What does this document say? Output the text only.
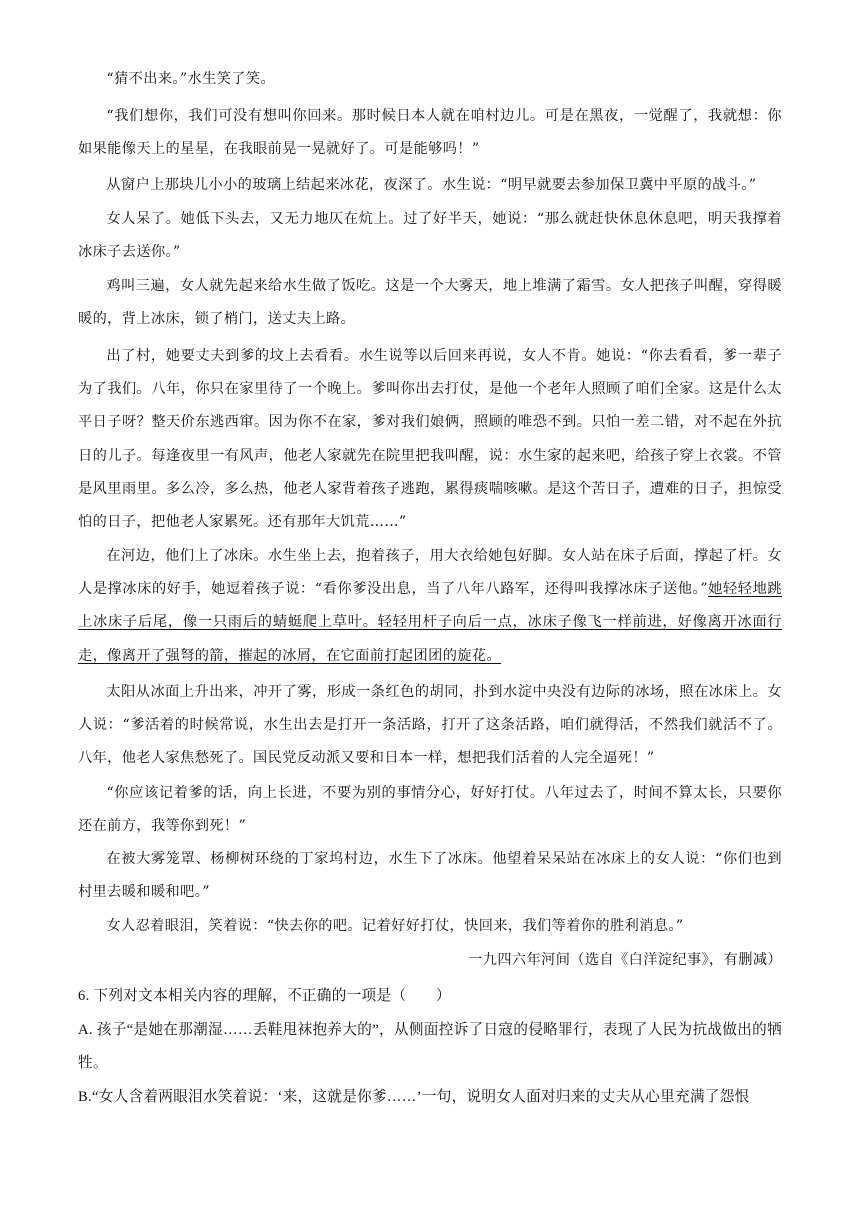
“猜不出来。”水生笑了笑。

“我们想你，我们可没有想叫你回来。那时候日本人就在咱村边儿。可是在黑夜，一觉醒了，我就想：你如果能像天上的星星，在我眼前晃一晃就好了。可是能够吗！”

从窗户上那块儿小小的玻璃上结起来冰花，夜深了。水生说：“明早就要去参加保卫冀中平原的战斗。”

女人呆了。她低下头去，又无力地仄在炕上。过了好半天，她说：“那么就赶快休息休息吧，明天我撑着冰床子去送你。”

鸡叫三遍，女人就先起来给水生做了饭吃。这是一个大雾天，地上堆满了霜雪。女人把孩子叫醒，穿得暖暖的，背上冰床，锁了梢门，送丈夫上路。

出了村，她要丈夫到爹的坟上去看看。水生说等以后回来再说，女人不肯。她说：“你去看看，爹一辈子为了我们。八年，你只在家里待了一个晚上。爹叫你出去打仗，是他一个老年人照顾了咱们全家。这是什么太平日子呀？整天价东逃西窜。因为你不在家，爹对我们娘俩，照顾的唯恐不到。只怕一差二错，对不起在外抗日的儿子。每逢夜里一有风声，他老人家就先在院里把我叫醒，说：水生家的起来吧，给孩子穿上衣裳。不管是风里雨里。多么冷，多么热，他老人家背着孩子逃跑，累得痰喘咳嗽。是这个苦日子，遭难的日子，担惊受怕的日子，把他老人家累死。还有那年大饥荒……”

在河边，他们上了冰床。水生坐上去，抱着孩子，用大衣给她包好脚。女人站在床子后面，撑起了杆。女人是撑冰床的好手，她逗着孩子说：“看你爹没出息，当了八年八路军，还得叫我撑冰床子送他。”她轻轻地跳上冰床子后尾，像一只雨后的蜻蜓爬上草叶。轻轻用杆子向后一点，冰床子像飞一样前进，好像离开冰面行走，像离开了强弩的箭，摧起的冰屑，在它面前打起团团的旋花。

太阳从冰面上升出来，冲开了雾，形成一条红色的胡同，扑到水淀中央没有边际的冰场，照在冰床上。女人说：“爹活着的时候常说，水生出去是打开一条活路，打开了这条活路，咱们就得活，不然我们就活不了。八年，他老人家焦愁死了。国民党反动派又要和日本一样，想把我们活着的人完全逼死！”

“你应该记着爹的话，向上长进，不要为别的事情分心，好好打仗。八年过去了，时间不算太长，只要你还在前方，我等你到死！”

在被大雾笼罩、杨柳树环绕的丁家坞村边，水生下了冰床。他望着呆呆站在冰床上的女人说：“你们也到村里去暖和暖和吧。”

女人忍着眼泪，笑着说：“快去你的吧。记着好好打仗，快回来，我们等着你的胜利消息。”

一九四六年河间（选自《白洋淀纪事》，有删减）

6. 下列对文本相关内容的理解，不正确的一项是（　　）

A. 孩子“是她在那潮湿……丢鞋甩袜抱养大的”，从侧面控诉了日寇的侵略罪行，表现了人民为抗战做出的牺牲。

B.“女人含着两眼泪水笑着说：‘来，这就是你爹……’一句，说明女人面对归来的丈夫从心里充满了怨恨
